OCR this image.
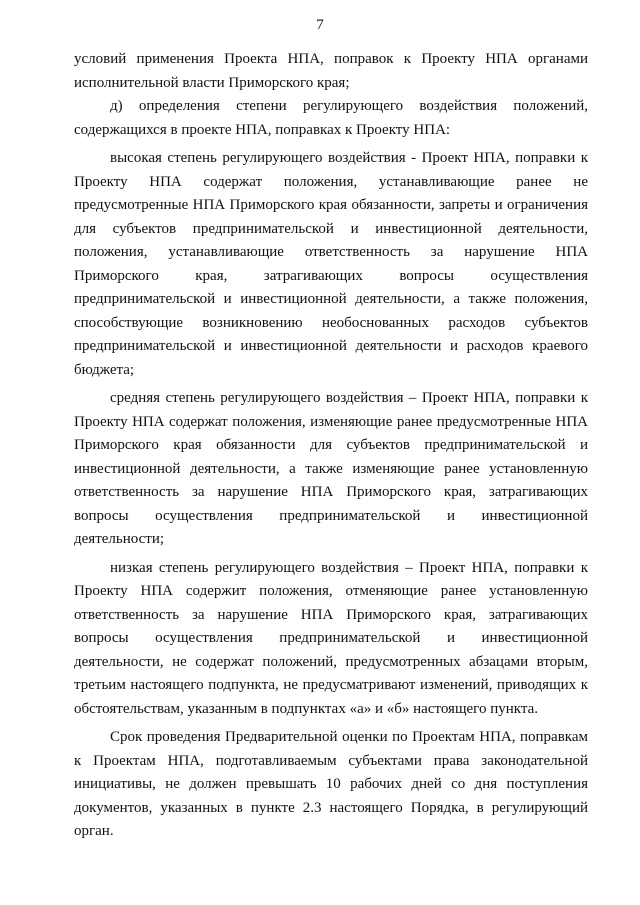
7

условий применения Проекта НПА, поправок к Проекту НПА органами исполнительной власти Приморского края;

д) определения степени регулирующего воздействия положений, содержащихся в проекте НПА, поправках к Проекту НПА:

высокая степень регулирующего воздействия - Проект НПА, поправки к Проекту НПА содержат положения, устанавливающие ранее не предусмотренные НПА Приморского края обязанности, запреты и ограничения для субъектов предпринимательской и инвестиционной деятельности, положения, устанавливающие ответственность за нарушение НПА Приморского края, затрагивающих вопросы осуществления предпринимательской и инвестиционной деятельности, а также положения, способствующие возникновению необоснованных расходов субъектов предпринимательской и инвестиционной деятельности и расходов краевого бюджета;

средняя степень регулирующего воздействия – Проект НПА, поправки к Проекту НПА содержат положения, изменяющие ранее предусмотренные НПА Приморского края обязанности для субъектов предпринимательской и инвестиционной деятельности, а также изменяющие ранее установленную ответственность за нарушение НПА Приморского края, затрагивающих вопросы осуществления предпринимательской и инвестиционной деятельности;

низкая степень регулирующего воздействия – Проект НПА, поправки к Проекту НПА содержит положения, отменяющие ранее установленную ответственность за нарушение НПА Приморского края, затрагивающих вопросы осуществления предпринимательской и инвестиционной деятельности, не содержат положений, предусмотренных абзацами вторым, третьим настоящего подпункта, не предусматривают изменений, приводящих к обстоятельствам, указанным в подпунктах «а» и «б» настоящего пункта.

Срок проведения Предварительной оценки по Проектам НПА, поправкам к Проектам НПА, подготавливаемым субъектами права законодательной инициативы, не должен превышать 10 рабочих дней со дня поступления документов, указанных в пункте 2.3 настоящего Порядка, в регулирующий орган.
